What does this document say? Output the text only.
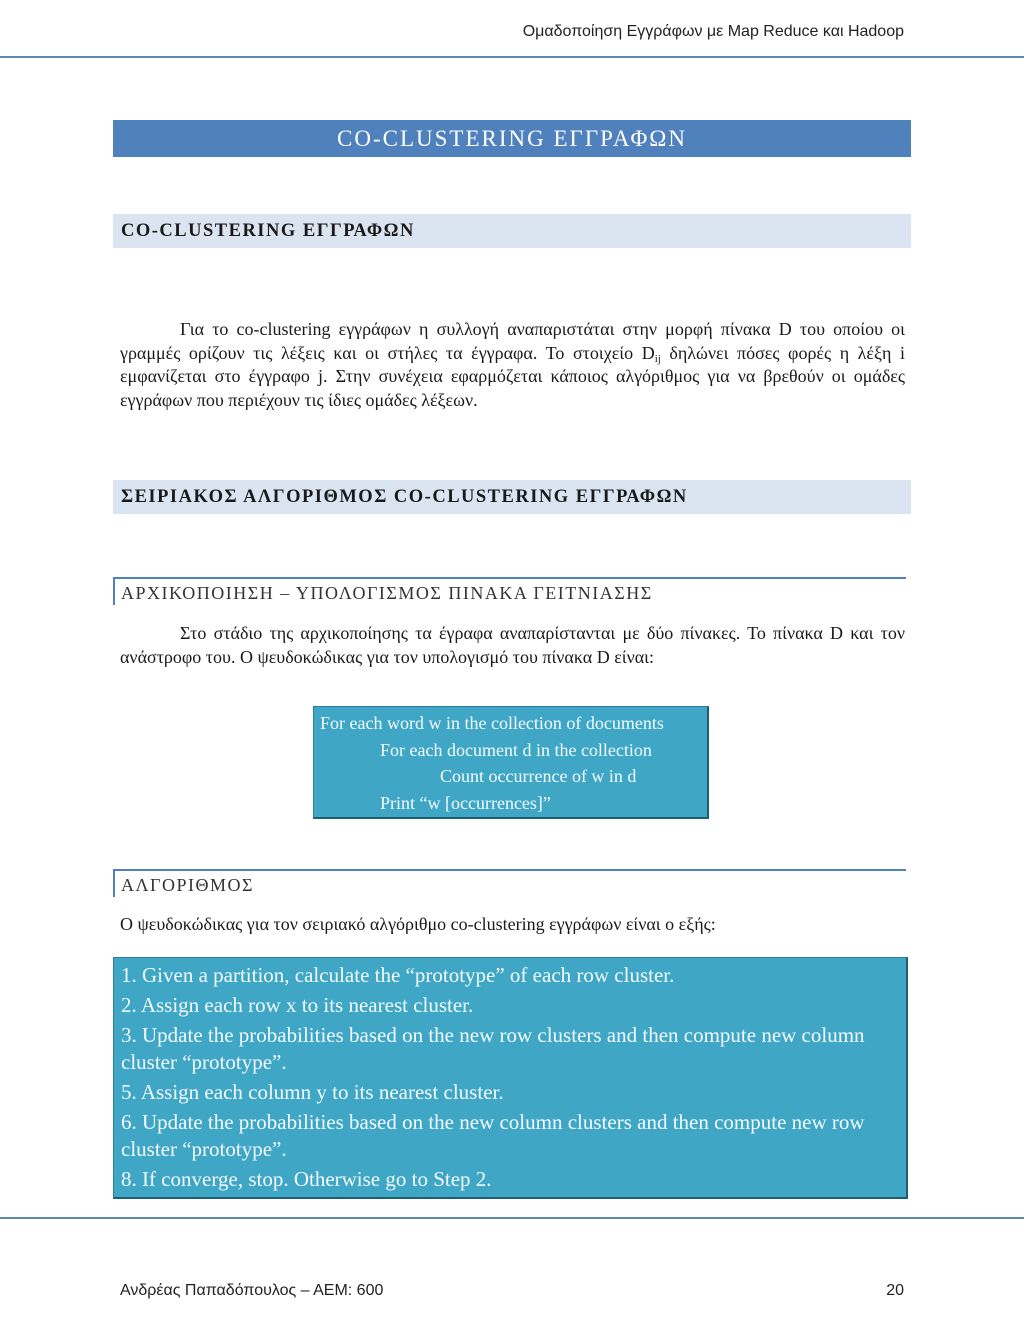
Ομαδοποίηση Εγγράφων με Map Reduce και Hadoop
CO-CLUSTERING ΕΓΓΡΑΦΩΝ
CO-CLUSTERING ΕΓΓΡΑΦΩΝ

Για το co-clustering εγγράφων η συλλογή αναπαριστάται στην μορφή πίνακα D του οποίου οι γραμμές ορίζουν τις λέξεις και οι στήλες τα έγγραφα. Το στοιχείο $D_{ij}$ δηλώνει πόσες φορές η λέξη i εμφανίζεται στο έγγραφο j. Στην συνέχεια εφαρμόζεται κάποιος αλγόριθμος για να βρεθούν οι ομάδες εγγράφων που περιέχουν τις ίδιες ομάδες λέξεων.

ΣΕΙΡΙΑΚΟΣ ΑΛΓΟΡΙΘΜΟΣ CO-CLUSTERING ΕΓΓΡΑΦΩΝ
ΑΡΧΙΚΟΠΟΙΗΣΗ – ΥΠΟΛΟΓΙΣΜΟΣ ΠΙΝΑΚΑ ΓΕΙΤΝΙΑΣΗΣ

Στο στάδιο της αρχικοποίησης τα έγραφα αναπαρίστανται με δύο πίνακες. Το πίνακα D και τον ανάστροφο του. Ο ψευδοκώδικας για τον υπολογισμό του πίνακα D είναι:

For each word w in the collection of documents
For each document d in the collection
Count occurrence of w in d
Print “w [occurrences]”
ΑΛΓΟΡΙΘΜΟΣ

Ο ψευδοκώδικας για τον σειριακό αλγόριθμο co-clustering εγγράφων είναι ο εξής:

1. Given a partition, calculate the “prototype” of each row cluster.
2. Assign each row x to its nearest cluster.
3. Update the probabilities based on the new row clusters and then compute new column cluster “prototype”.
5. Assign each column y to its nearest cluster.
6. Update the probabilities based on the new column clusters and then compute new row cluster “prototype”.
8. If converge, stop. Otherwise go to Step 2.
Ανδρέας Παπαδόπουλος – ΑΕΜ: 600	20
